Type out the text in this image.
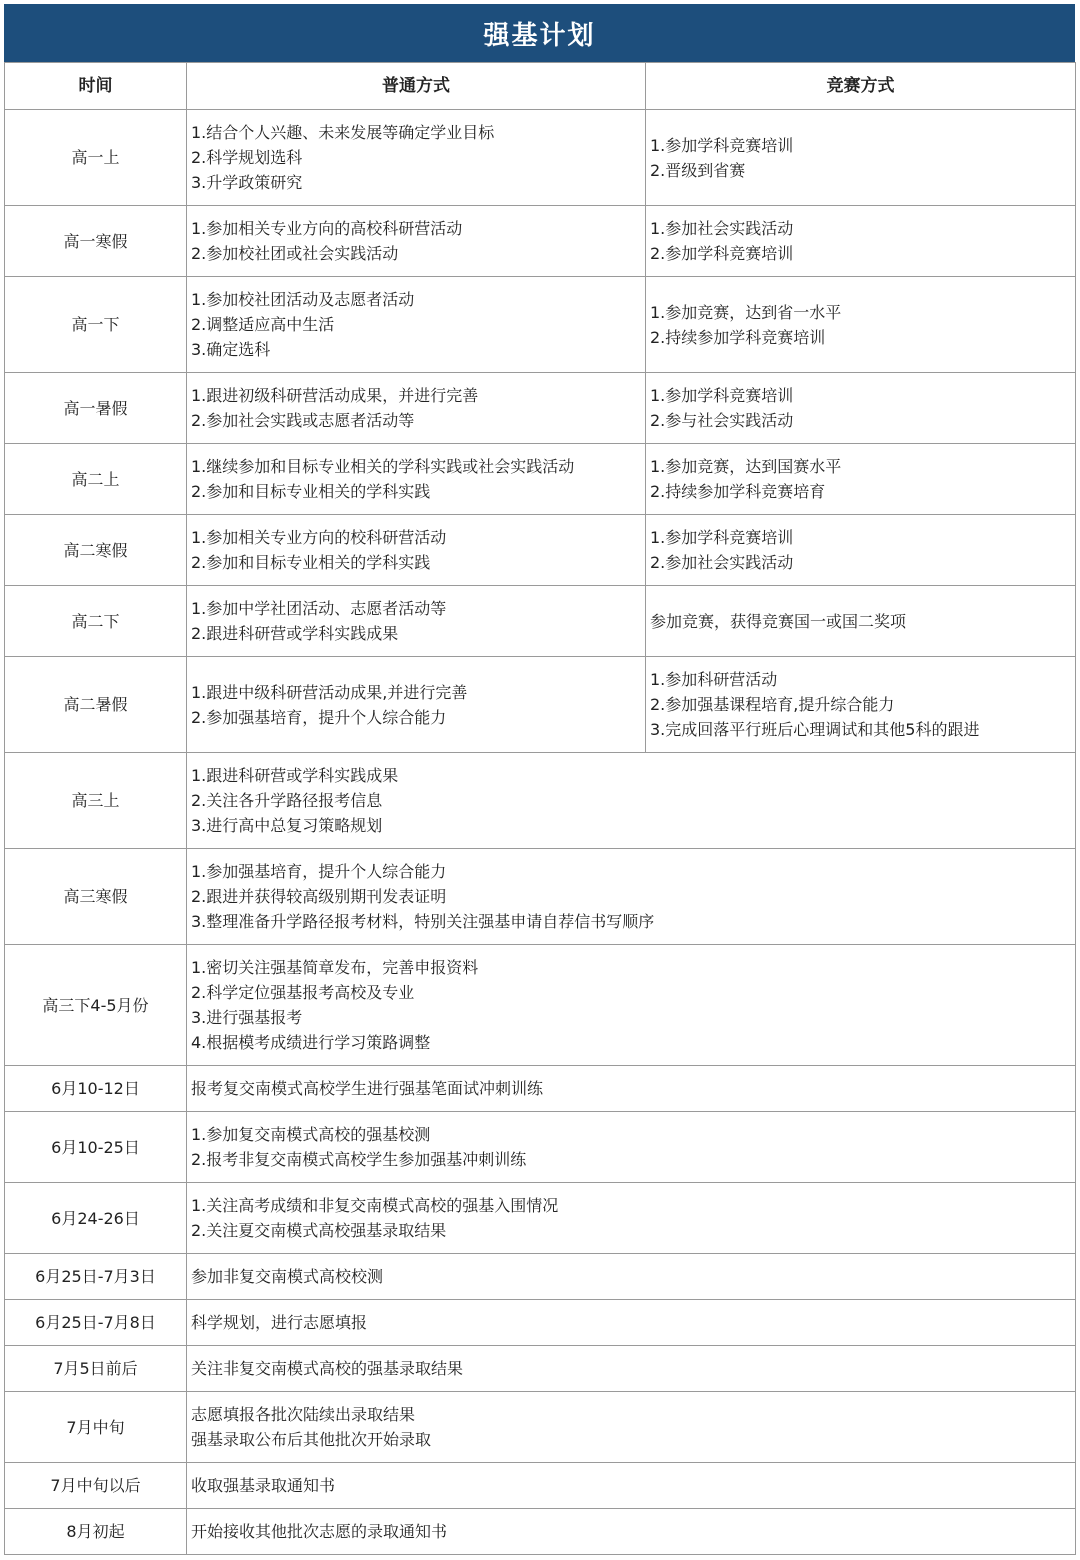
强基计划
时间	普通方式	竞赛方式
高一上	1.结合个人兴趣、未来发展等确定学业目标
2.科学规划选科
3.升学政策研究	1.参加学科竞赛培训
2.晋级到省赛

高一寒假	1.参加相关专业方向的高校科研营活动
2.参加校社团或社会实践活动	1.参加社会实践活动
2.参加学科竞赛培训

高一下	1.参加校社团活动及志愿者活动
2.调整适应高中生活
3.确定选科	1.参加竞赛，达到省一水平
2.持续参加学科竞赛培训

高一暑假	1.跟进初级科研营活动成果，并进行完善
2.参加社会实践或志愿者活动等	1.参加学科竞赛培训
2.参与社会实践活动

高二上	1.继续参加和目标专业相关的学科实践或社会实践活动
2.参加和目标专业相关的学科实践	1.参加竞赛，达到国赛水平
2.持续参加学科竞赛培育

高二寒假	1.参加相关专业方向的校科研营活动
2.参加和目标专业相关的学科实践	1.参加学科竞赛培训
2.参加社会实践活动

高二下	1.参加中学社团活动、志愿者活动等
2.跟进科研营或学科实践成果	参加竞赛，获得竞赛国一或国二奖项

高二暑假	1.跟进中级科研营活动成果,并进行完善
2.参加强基培育，提升个人综合能力	1.参加科研营活动
2.参加强基课程培育,提升综合能力
3.完成回落平行班后心理调试和其他5科的跟进

高三上	1.跟进科研营或学科实践成果
2.关注各升学路径报考信息
3.进行高中总复习策略规划	

高三寒假	1.参加强基培育，提升个人综合能力
2.跟进并获得较高级别期刊发表证明
3.整理准备升学路径报考材料，特别关注强基申请自荐信书写顺序	

高三下4-5月份	1.密切关注强基简章发布，完善申报资料
2.科学定位强基报考高校及专业
3.进行强基报考
4.根据模考成绩进行学习策路调整	

6月10-12日	报考复交南模式高校学生进行强基笔面试冲刺训练	

6月10-25日	1.参加复交南模式高校的强基校测
2.报考非复交南模式高校学生参加强基冲刺训练	

6月24-26日	1.关注高考成绩和非复交南模式高校的强基入围情况
2.关注夏交南模式高校强基录取结果	

6月25日-7月3日	参加非复交南模式高校校测	

6月25日-7月8日	科学规划，进行志愿填报	

7月5日前后	关注非复交南模式高校的强基录取结果	

7月中旬	志愿填报各批次陆续出录取结果
强基录取公布后其他批次开始录取	

7月中旬以后	收取强基录取通知书	

8月初起	开始接收其他批次志愿的录取通知书	
